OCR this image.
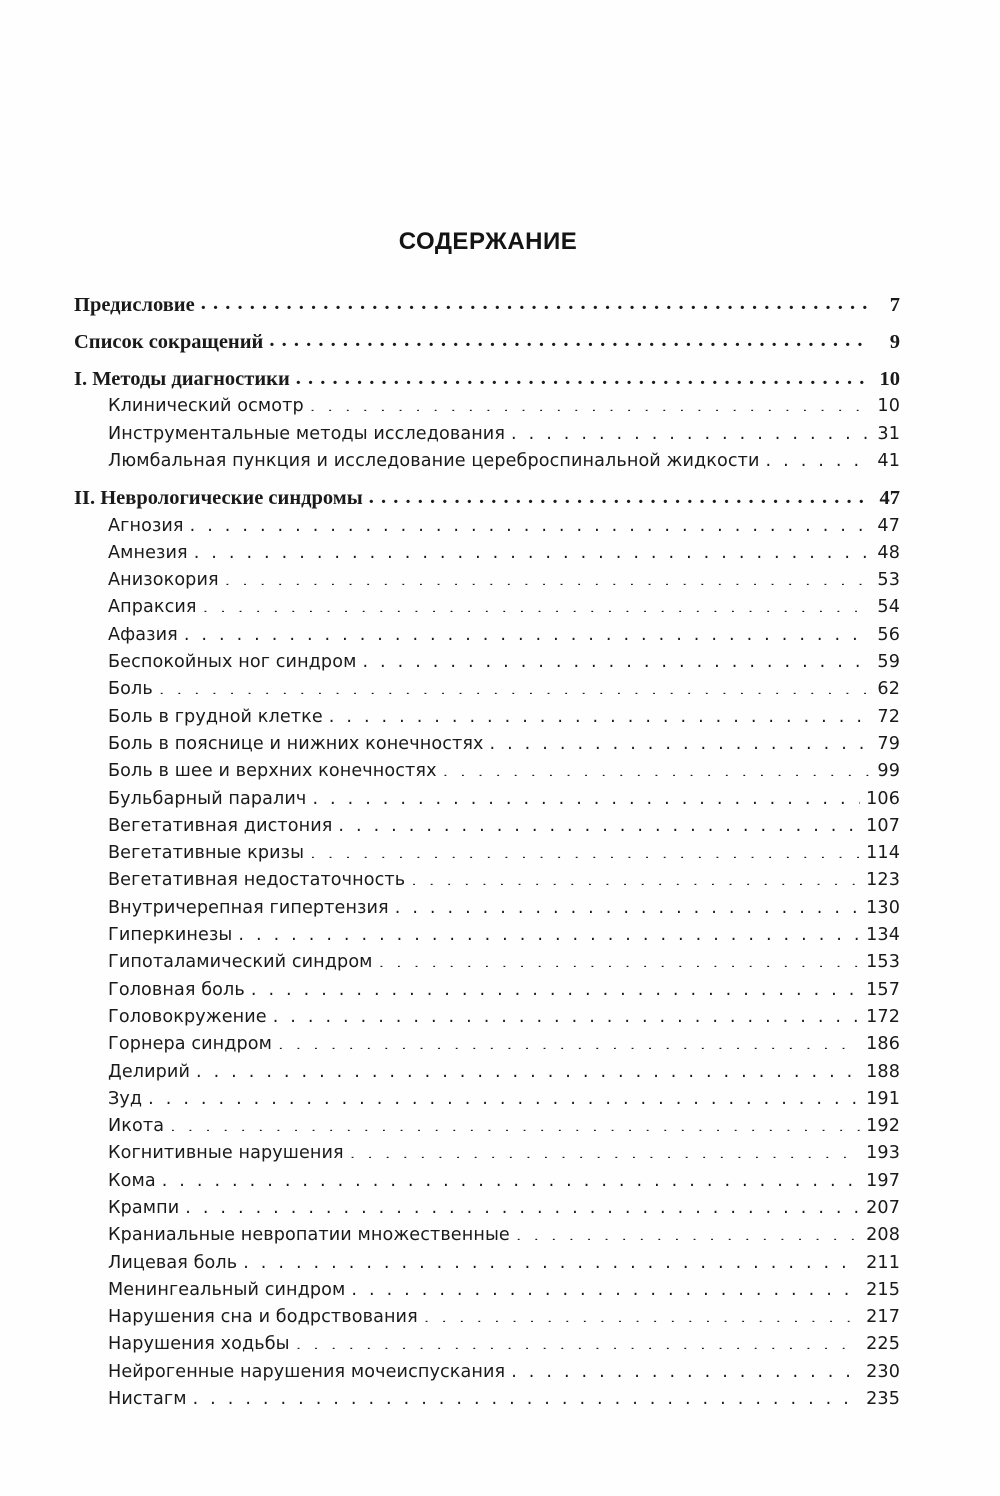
СОДЕРЖАНИЕ
Предисловие . . .	7
Список сокращений . . .	9
I. Методы диагностики . . .	10
Клинический осмотр . . .	10
Инструментальные методы исследования . . .	31
Люмбальная пункция и исследование цереброспинальной жидкости . . .	41
II. Неврологические синдромы . . .	47
Агнозия . . .	47
Амнезия . . .	48
Анизокория . . .	53
Апраксия . . .	54
Афазия . . .	56
Беспокойных ног синдром . . .	59
Боль . . .	62
Боль в грудной клетке . . .	72
Боль в пояснице и нижних конечностях . . .	79
Боль в шее и верхних конечностях . . .	99
Бульбарный паралич . . .	106
Вегетативная дистония . . .	107
Вегетативные кризы . . .	114
Вегетативная недостаточность . . .	123
Внутричерепная гипертензия . . .	130
Гиперкинезы . . .	134
Гипоталамический синдром . . .	153
Головная боль . . .	157
Головокружение . . .	172
Горнера синдром . . .	186
Делирий . . .	188
Зуд . . .	191
Икота . . .	192
Когнитивные нарушения . . .	193
Кома . . .	197
Крампи . . .	207
Краниальные невропатии множественные . . .	208
Лицевая боль . . .	211
Менингеальный синдром . . .	215
Нарушения сна и бодрствования . . .	217
Нарушения ходьбы . . .	225
Нейрогенные нарушения мочеиспускания . . .	230
Нистагм . . .	235
